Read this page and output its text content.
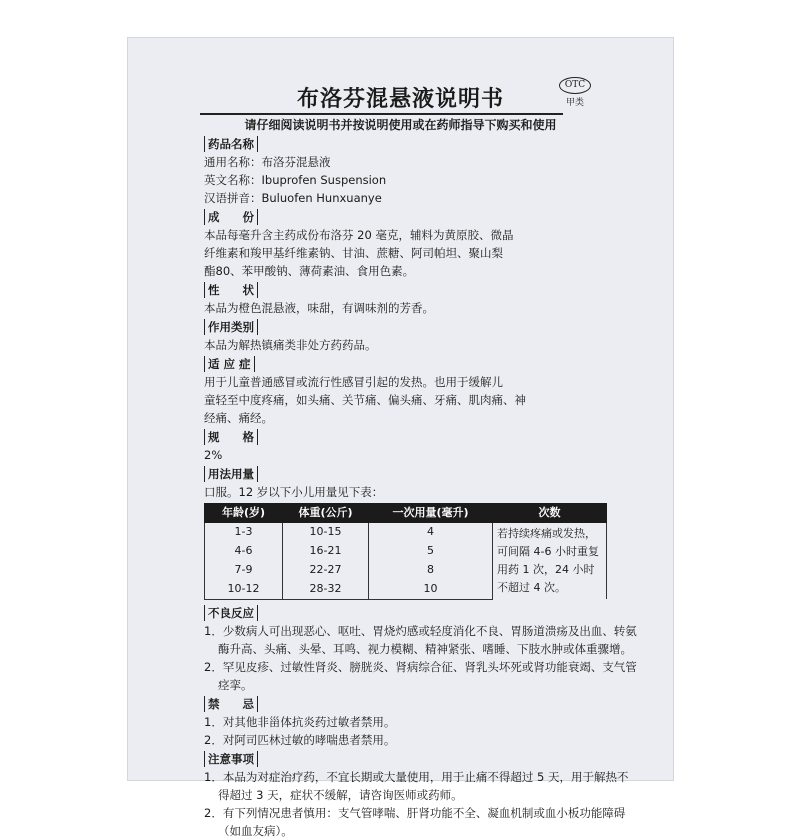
布洛芬混悬液说明书
OTC
甲类
请仔细阅读说明书并按说明使用或在药师指导下购买和使用
药品名称
通用名称：布洛芬混悬液
英文名称：Ibuprofen Suspension
汉语拼音：Buluofen Hunxuanye
成　　份
本品每毫升含主药成份布洛芬 20 毫克，辅料为黄原胶、微晶
纤维素和羧甲基纤维素钠、甘油、蔗糖、阿司帕坦、聚山梨
酯80、苯甲酸钠、薄荷素油、食用色素。
性　　状
本品为橙色混悬液，味甜，有调味剂的芳香。
作用类别
本品为解热镇痛类非处方药药品。
适 应 症
用于儿童普通感冒或流行性感冒引起的发热。也用于缓解儿
童轻至中度疼痛，如头痛、关节痛、偏头痛、牙痛、肌肉痛、神
经痛、痛经。
规　　格
2%
用法用量
口服。12 岁以下小儿用量见下表：
年龄(岁)	体重(公斤)	一次用量(毫升)	次数
1-3	10-15	4	若持续疼痛或发热，可间隔 4-6 小时重复用药 1 次，24 小时不超过 4 次。
4-6	16-21	5	
7-9	22-27	8	
10-12	28-32	10	
不良反应
1．少数病人可出现恶心、呕吐、胃烧灼感或轻度消化不良、胃肠道溃疡及出血、转氨酶升高、头痛、头晕、耳鸣、视力模糊、精神紧张、嗜睡、下肢水肿或体重骤增。
2．罕见皮疹、过敏性肾炎、膀胱炎、肾病综合征、肾乳头坏死或肾功能衰竭、支气管痉挛。
禁　　忌
1．对其他非甾体抗炎药过敏者禁用。
2．对阿司匹林过敏的哮喘患者禁用。
注意事项
1．本品为对症治疗药，不宜长期或大量使用，用于止痛不得超过 5 天，用于解热不得超过 3 天，症状不缓解，请咨询医师或药师。
2．有下列情况患者慎用：支气管哮喘、肝肾功能不全、凝血机制或血小板功能障碍（如血友病）。
